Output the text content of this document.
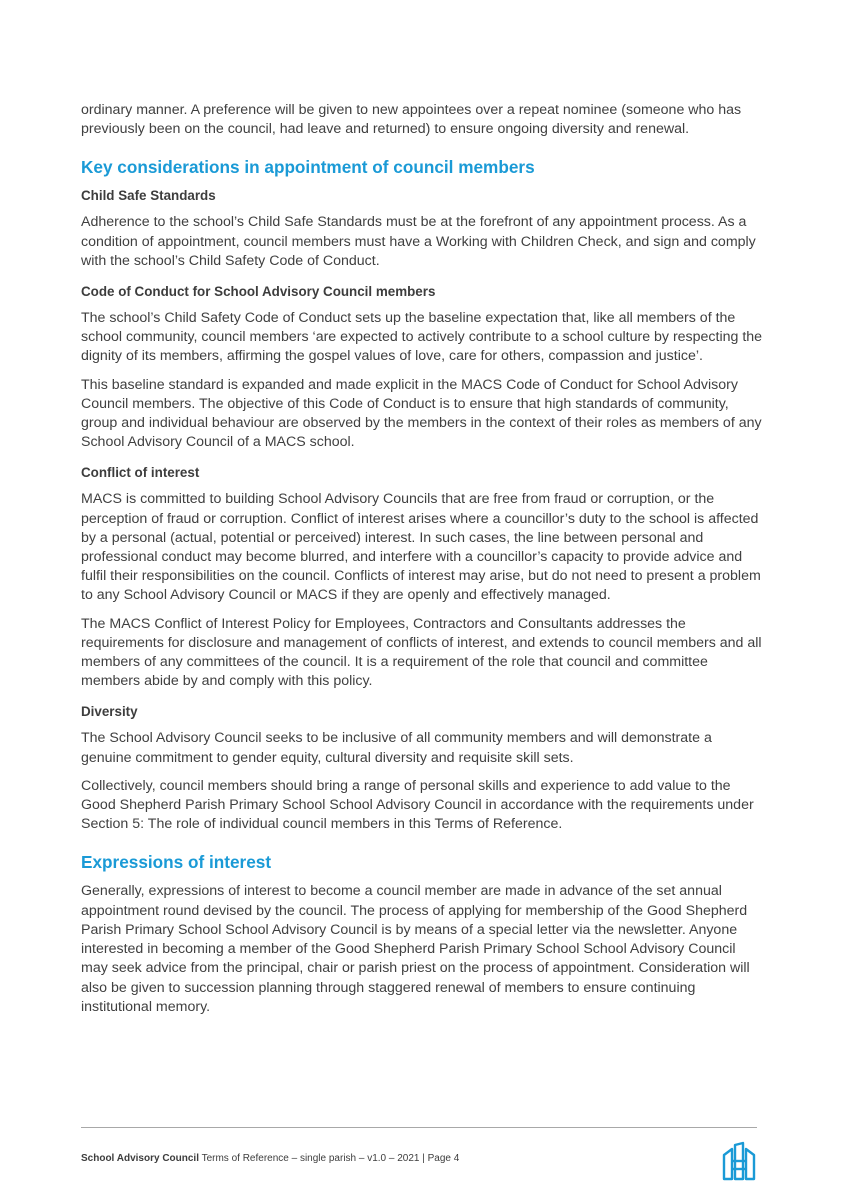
ordinary manner. A preference will be given to new appointees over a repeat nominee (someone who has previously been on the council, had leave and returned) to ensure ongoing diversity and renewal.

Key considerations in appointment of council members
Child Safe Standards

Adherence to the school’s Child Safe Standards must be at the forefront of any appointment process. As a condition of appointment, council members must have a Working with Children Check, and sign and comply with the school’s Child Safety Code of Conduct.

Code of Conduct for School Advisory Council members

The school’s Child Safety Code of Conduct sets up the baseline expectation that, like all members of the school community, council members ‘are expected to actively contribute to a school culture by respecting the dignity of its members, affirming the gospel values of love, care for others, compassion and justice’.

This baseline standard is expanded and made explicit in the MACS Code of Conduct for School Advisory Council members. The objective of this Code of Conduct is to ensure that high standards of community, group and individual behaviour are observed by the members in the context of their roles as members of any School Advisory Council of a MACS school.

Conflict of interest

MACS is committed to building School Advisory Councils that are free from fraud or corruption, or the perception of fraud or corruption. Conflict of interest arises where a councillor’s duty to the school is affected by a personal (actual, potential or perceived) interest. In such cases, the line between personal and professional conduct may become blurred, and interfere with a councillor’s capacity to provide advice and fulfil their responsibilities on the council. Conflicts of interest may arise, but do not need to present a problem to any School Advisory Council or MACS if they are openly and effectively managed.

The MACS Conflict of Interest Policy for Employees, Contractors and Consultants addresses the requirements for disclosure and management of conflicts of interest, and extends to council members and all members of any committees of the council. It is a requirement of the role that council and committee members abide by and comply with this policy.

Diversity

The School Advisory Council seeks to be inclusive of all community members and will demonstrate a genuine commitment to gender equity, cultural diversity and requisite skill sets.

Collectively, council members should bring a range of personal skills and experience to add value to the Good Shepherd Parish Primary School School Advisory Council in accordance with the requirements under Section 5: The role of individual council members in this Terms of Reference.

Expressions of interest

Generally, expressions of interest to become a council member are made in advance of the set annual appointment round devised by the council. The process of applying for membership of the Good Shepherd Parish Primary School School Advisory Council is by means of a special letter via the newsletter. Anyone interested in becoming a member of the Good Shepherd Parish Primary School School Advisory Council may seek advice from the principal, chair or parish priest on the process of appointment. Consideration will also be given to succession planning through staggered renewal of members to ensure continuing institutional memory.

School Advisory Council Terms of Reference – single parish – v1.0 – 2021 | Page 4
